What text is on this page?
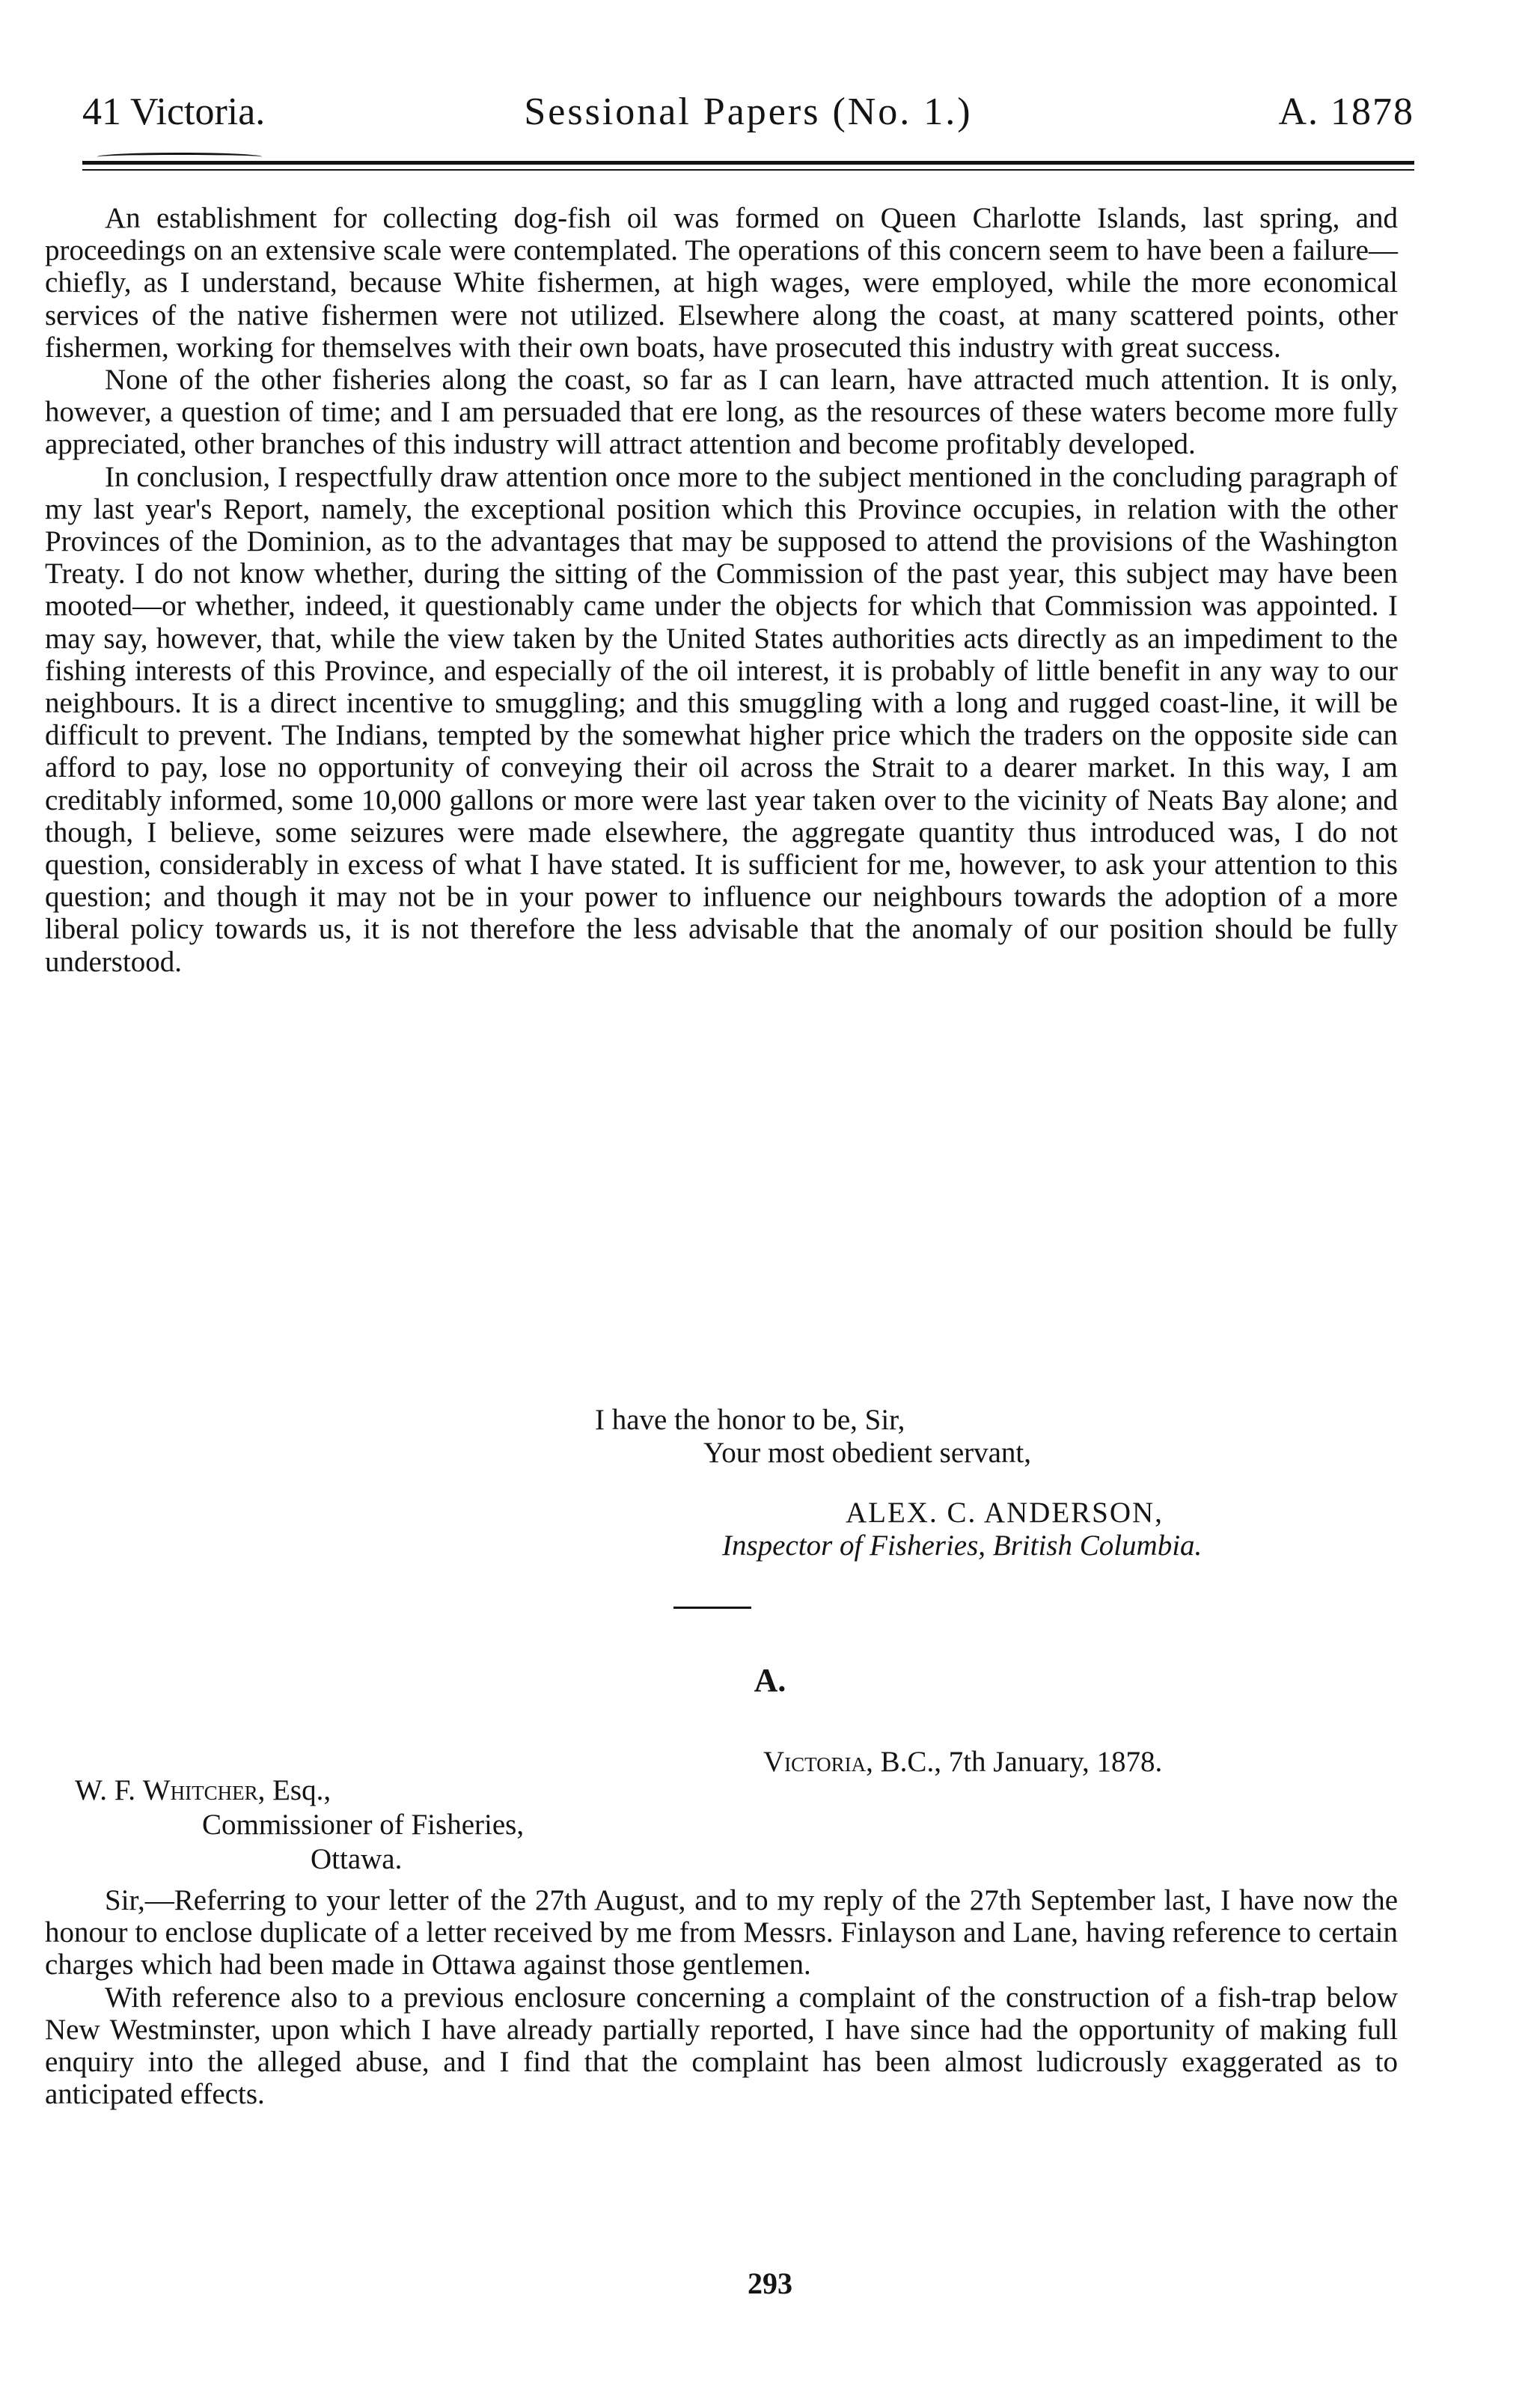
41 Victoria.	Sessional Papers (No. 1.)	A. 1878

An establishment for collecting dog-fish oil was formed on Queen Charlotte Islands, last spring, and proceedings on an extensive scale were contemplated. The operations of this concern seem to have been a failure—chiefly, as I understand, because White fishermen, at high wages, were employed, while the more economical services of the native fishermen were not utilized. Elsewhere along the coast, at many scattered points, other fishermen, working for themselves with their own boats, have prosecuted this industry with great success.

None of the other fisheries along the coast, so far as I can learn, have attracted much attention. It is only, however, a question of time; and I am persuaded that ere long, as the resources of these waters become more fully appreciated, other branches of this industry will attract attention and become profitably developed.

In conclusion, I respectfully draw attention once more to the subject mentioned in the concluding paragraph of my last year's Report, namely, the exceptional position which this Province occupies, in relation with the other Provinces of the Dominion, as to the advantages that may be supposed to attend the provisions of the Washington Treaty. I do not know whether, during the sitting of the Commission of the past year, this subject may have been mooted—or whether, indeed, it questionably came under the objects for which that Commission was appointed. I may say, however, that, while the view taken by the United States authorities acts directly as an impediment to the fishing interests of this Province, and especially of the oil interest, it is probably of little benefit in any way to our neighbours. It is a direct incentive to smuggling; and this smuggling with a long and rugged coast-line, it will be difficult to prevent. The Indians, tempted by the somewhat higher price which the traders on the opposite side can afford to pay, lose no opportunity of conveying their oil across the Strait to a dearer market. In this way, I am creditably informed, some 10,000 gallons or more were last year taken over to the vicinity of Neats Bay alone; and though, I believe, some seizures were made elsewhere, the aggregate quantity thus introduced was, I do not question, considerably in excess of what I have stated. It is sufficient for me, however, to ask your attention to this question; and though it may not be in your power to influence our neighbours towards the adoption of a more liberal policy towards us, it is not therefore the less advisable that the anomaly of our position should be fully understood.

I have the honor to be, Sir,
Your most obedient servant,
ALEX. C. ANDERSON,
Inspector of Fisheries, British Columbia.
A.
Victoria, B.C., 7th January, 1878.
W. F. Whitcher, Esq.,
Commissioner of Fisheries,
Ottawa.

Sir,—Referring to your letter of the 27th August, and to my reply of the 27th September last, I have now the honour to enclose duplicate of a letter received by me from Messrs. Finlayson and Lane, having reference to certain charges which had been made in Ottawa against those gentlemen.

With reference also to a previous enclosure concerning a complaint of the construction of a fish-trap below New Westminster, upon which I have already partially reported, I have since had the opportunity of making full enquiry into the alleged abuse, and I find that the complaint has been almost ludicrously exaggerated as to anticipated effects.

293
